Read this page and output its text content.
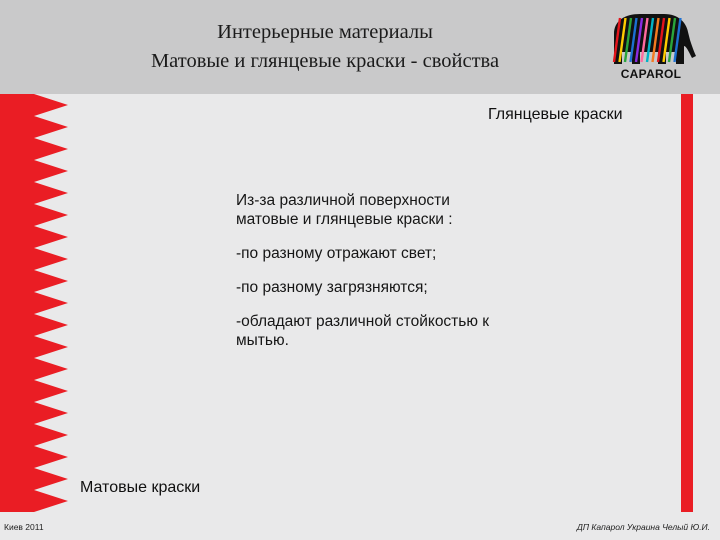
Интерьерные материалы
Матовые и глянцевые краски - свойства
CAPAROL
Глянцевые краски

Из-за различной поверхности матовые и глянцевые краски :

-по разному отражают свет;

-по разному загрязняются;

-обладают различной стойкостью к мытью.

Матовые краски
Киев 2011	ДП Капарол Украина Челый Ю.И.
